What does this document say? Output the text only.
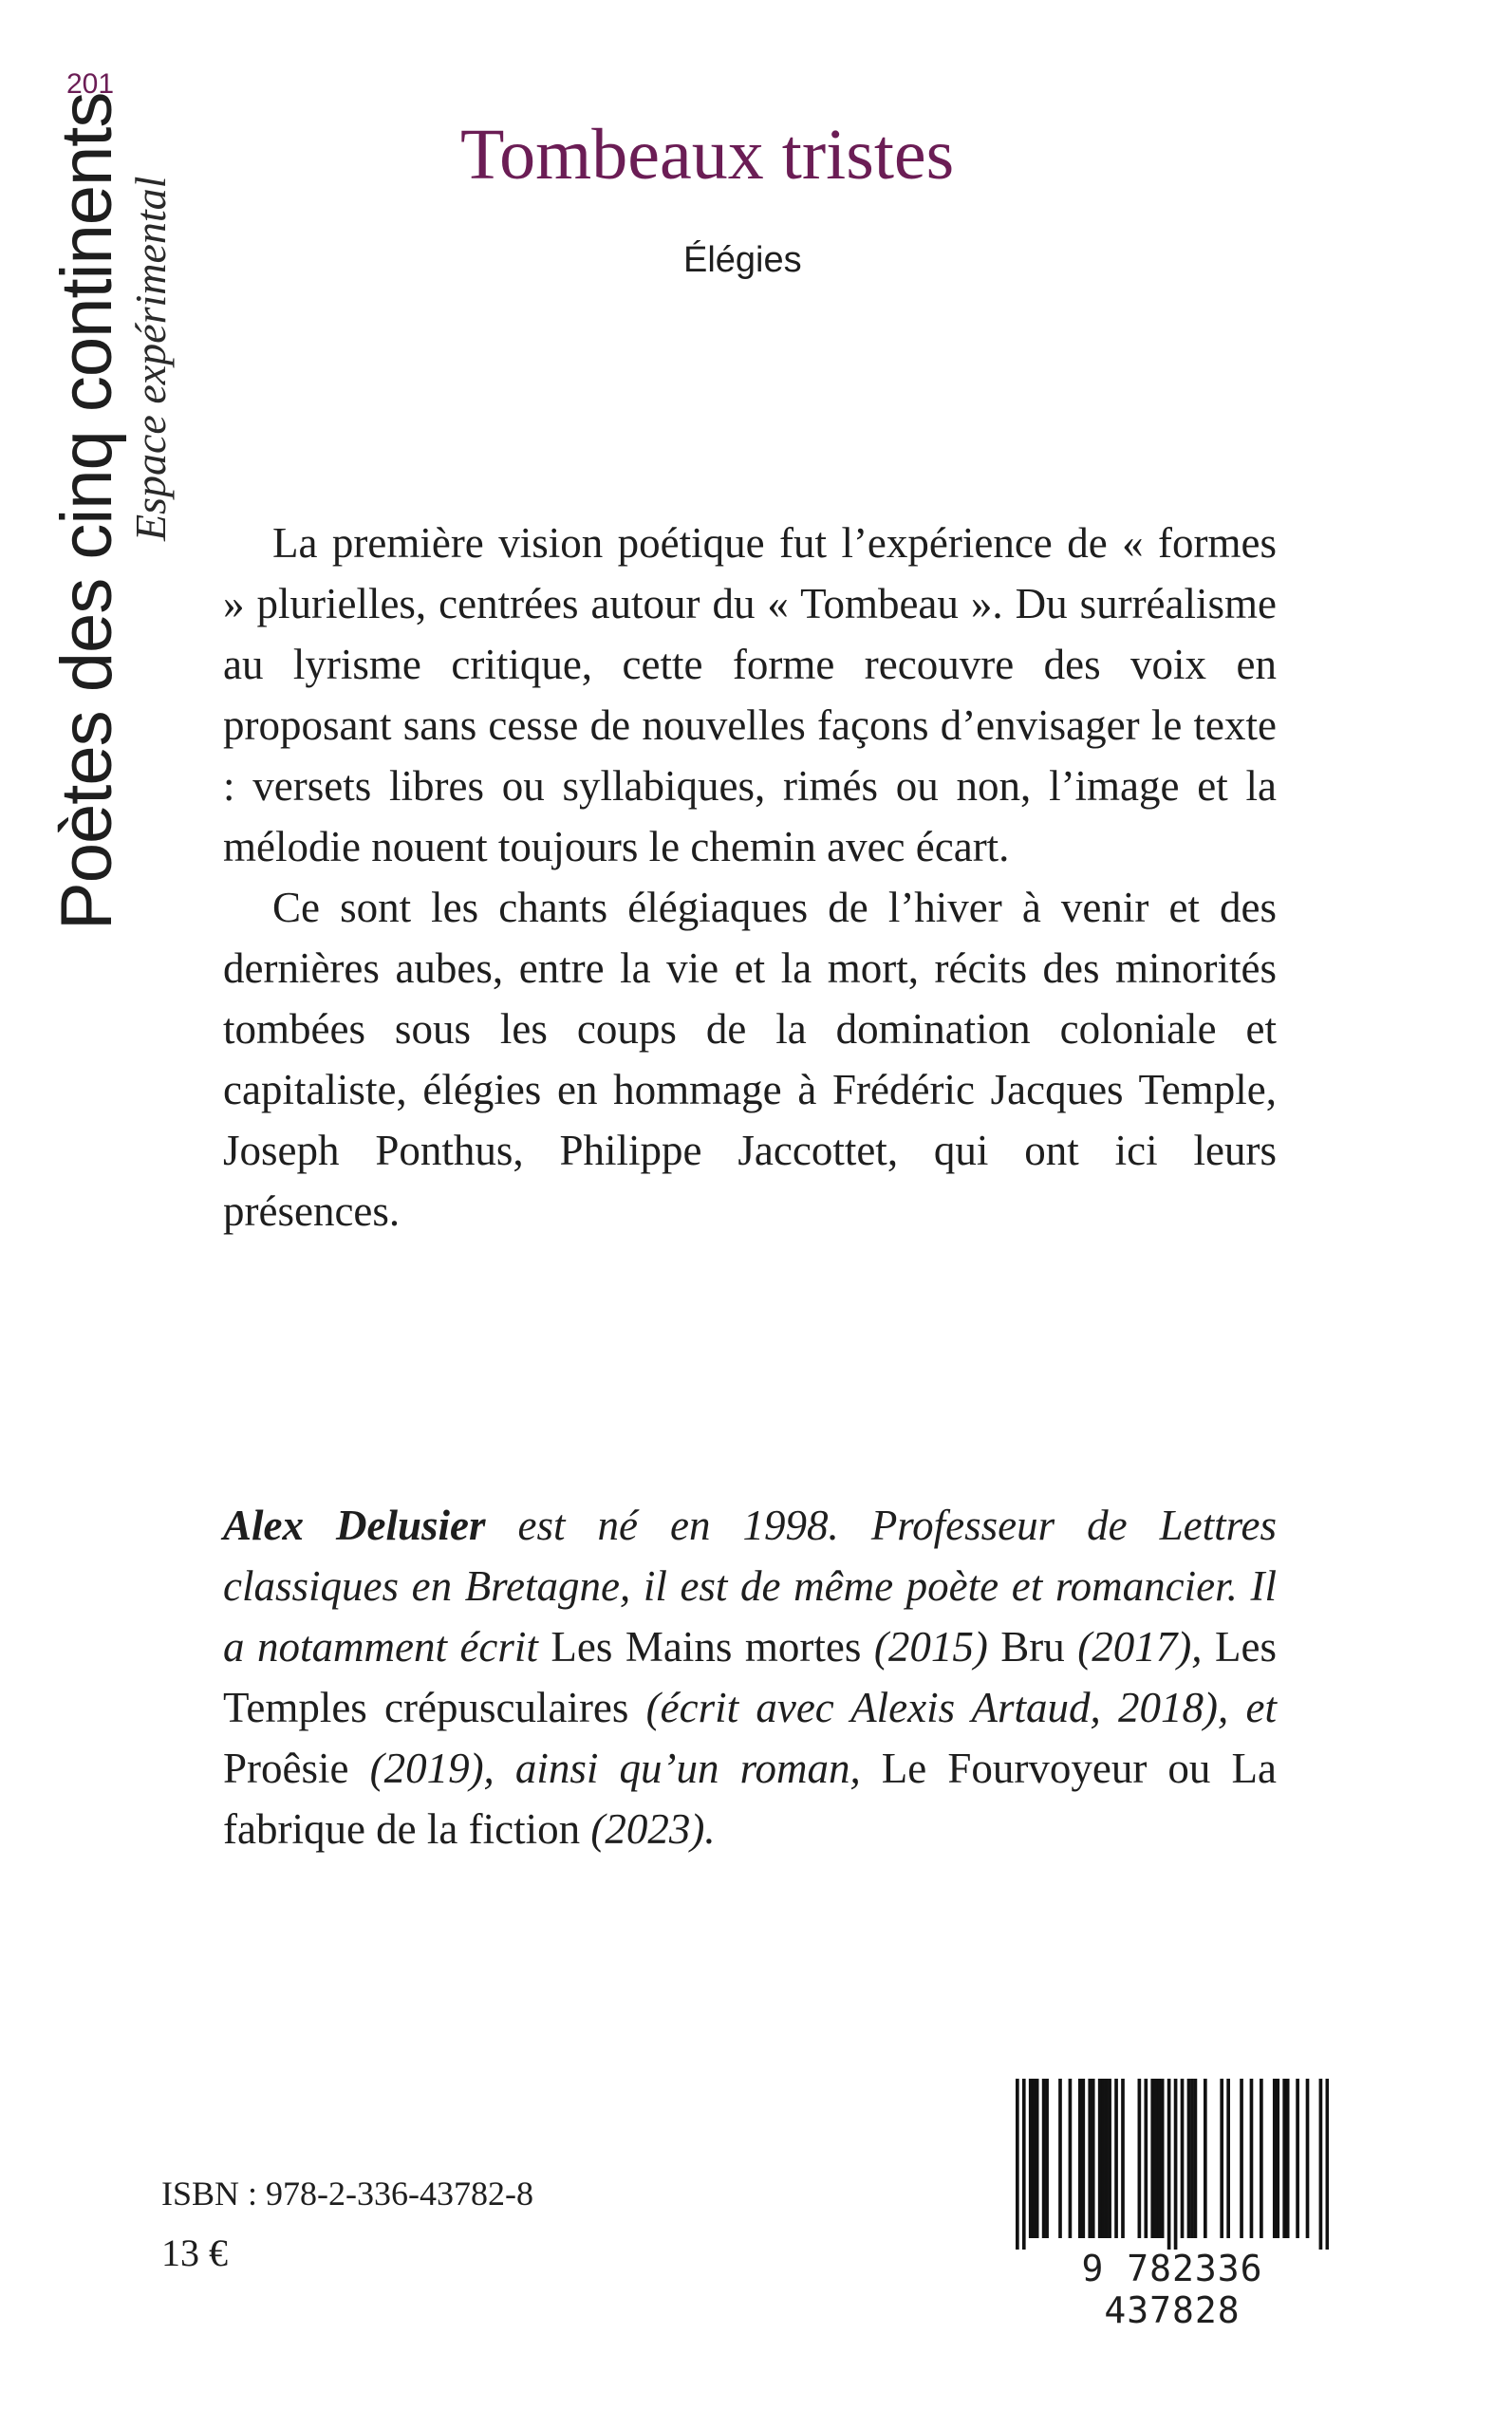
201
Poètes des cinq continents Espace expérimental
Tombeaux tristes
Élégies

La première vision poétique fut l’expérience de « formes » plurielles, centrées autour du « Tombeau ». Du surréalisme au lyrisme critique, cette forme recouvre des voix en proposant sans cesse de nouvelles façons d’envisager le texte : versets libres ou syllabiques, rimés ou non, l’image et la mélodie nouent toujours le chemin avec écart.

Ce sont les chants élégiaques de l’hiver à venir et des dernières aubes, entre la vie et la mort, récits des minorités tombées sous les coups de la domination coloniale et capitaliste, élégies en hommage à Frédéric Jacques Temple, Joseph Ponthus, Philippe Jaccottet, qui ont ici leurs présences.

Alex Delusier est né en 1998. Professeur de Lettres classiques en Bretagne, il est de même poète et romancier. Il a notamment écrit Les Mains mortes (2015) Bru (2017), Les Temples crépusculaires (écrit avec Alexis Artaud, 2018), et Proêsie (2019), ainsi qu’un roman, Le Fourvoyeur ou La fabrique de la fiction (2023).

ISBN : 978-2-336-43782-8
13 €	9 782336 437828
